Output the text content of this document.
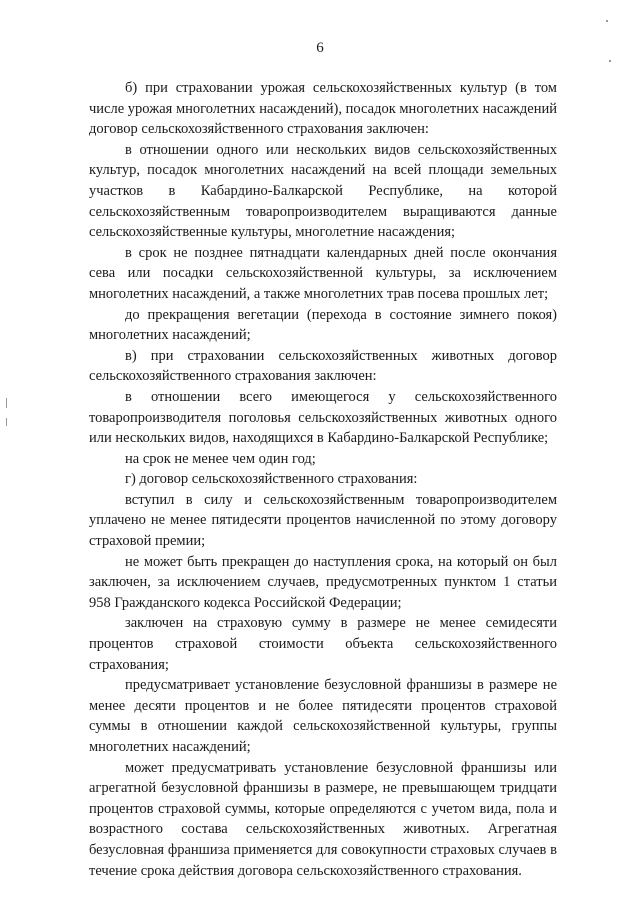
6

б) при страховании урожая сельскохозяйственных культур (в том числе урожая многолетних насаждений), посадок многолетних насаждений договор сельскохозяйственного страхования заключен:

в отношении одного или нескольких видов сельскохозяйственных культур, посадок многолетних насаждений на всей площади земельных участков в Кабардино-Балкарской Республике, на которой сельскохозяйственным товаропроизводителем выращиваются данные сельскохозяйственные культуры, многолетние насаждения;

в срок не позднее пятнадцати календарных дней после окончания сева или посадки сельскохозяйственной культуры, за исключением многолетних насаждений, а также многолетних трав посева прошлых лет;

до прекращения вегетации (перехода в состояние зимнего покоя) многолетних насаждений;

в) при страховании сельскохозяйственных животных договор сельскохозяйственного страхования заключен:

в отношении всего имеющегося у сельскохозяйственного товаропроизводителя поголовья сельскохозяйственных животных одного или нескольких видов, находящихся в Кабардино-Балкарской Республике;

на срок не менее чем один год;

г) договор сельскохозяйственного страхования:

вступил в силу и сельскохозяйственным товаропроизводителем уплачено не менее пятидесяти процентов начисленной по этому договору страховой премии;

не может быть прекращен до наступления срока, на который он был заключен, за исключением случаев, предусмотренных пунктом 1 статьи 958 Гражданского кодекса Российской Федерации;

заключен на страховую сумму в размере не менее семидесяти процентов страховой стоимости объекта сельскохозяйственного страхования;

предусматривает установление безусловной франшизы в размере не менее десяти процентов и не более пятидесяти процентов страховой суммы в отношении каждой сельскохозяйственной культуры, группы многолетних насаждений;

может предусматривать установление безусловной франшизы или агрегатной безусловной франшизы в размере, не превышающем тридцати процентов страховой суммы, которые определяются с учетом вида, пола и возрастного состава сельскохозяйственных животных. Агрегатная безусловная франшиза применяется для совокупности страховых случаев в течение срока действия договора сельскохозяйственного страхования.
